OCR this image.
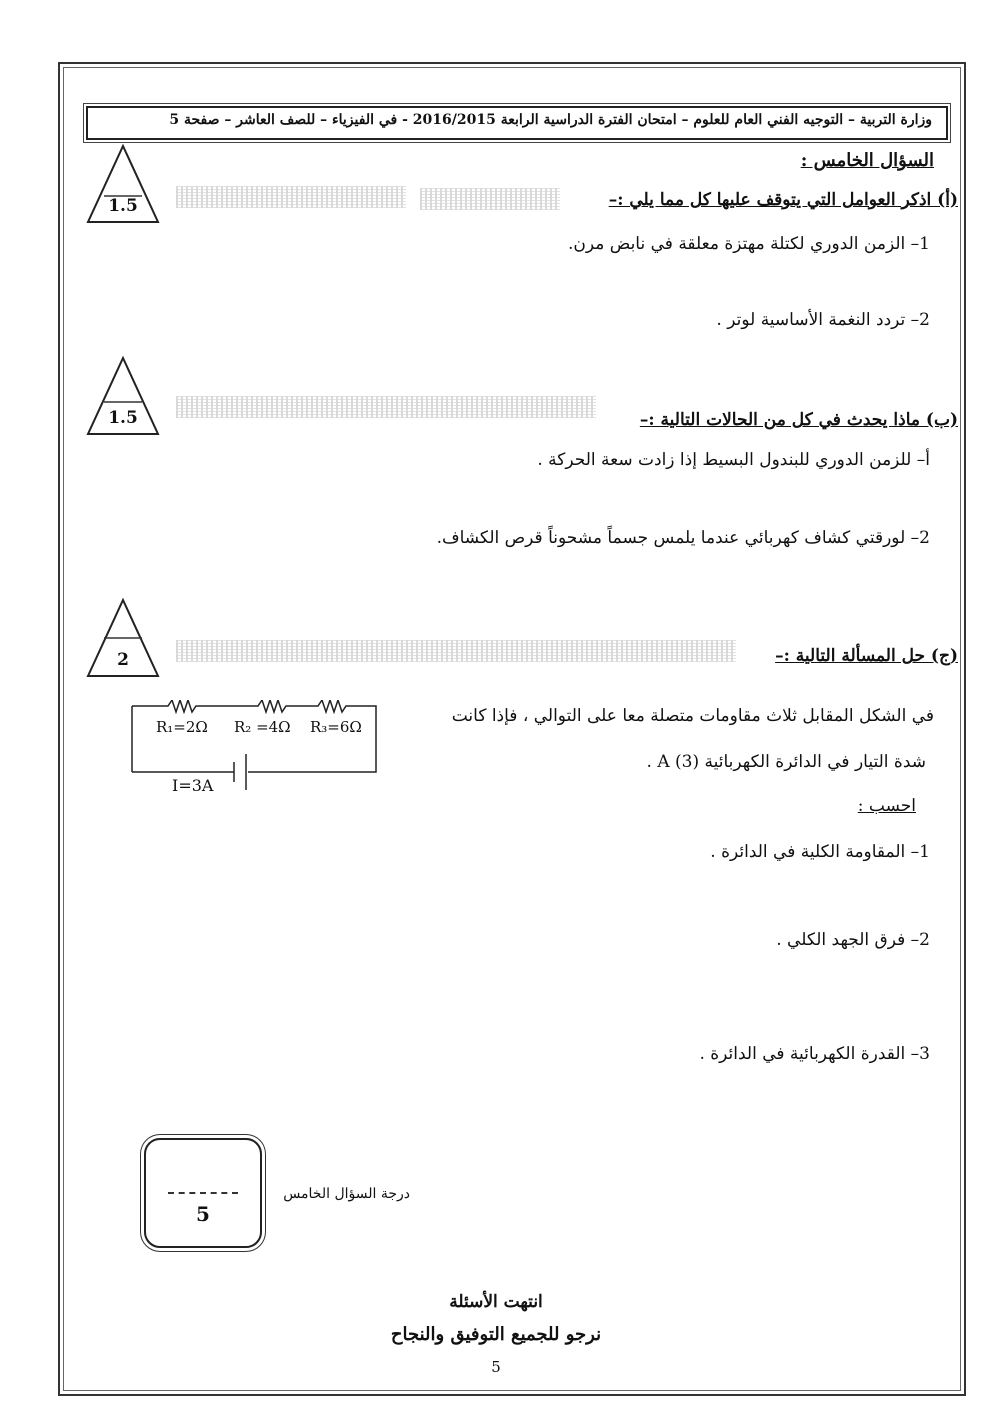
وزارة التربية – التوجيه الفني العام للعلوم – امتحان الفترة الدراسية الرابعة 2016/2015 - في الفيزياء – للصف العاشر – صفحة 5
السؤال الخامس :
1.5	(أ) اذكر العوامل التي يتوقف عليها كل مما يلي :–
1– الزمن الدوري لكتلة مهتزة معلقة في نابض مرن.
2– تردد النغمة الأساسية لوتر .
1.5	(ب) ماذا يحدث في كل من الحالات التالية :–
أ– للزمن الدوري للبندول البسيط إذا زادت سعة الحركة .
2– لورقتي كشاف كهربائي عندما يلمس جسماً مشحوناً قرص الكشاف.
2	(ج) حل المسألة التالية :–
في الشكل المقابل ثلاث مقاومات متصلة معا على التوالي ، فإذا كانت
شدة التيار في الدائرة الكهربائية A (3) .
احسب :
1– المقاومة الكلية في الدائرة .
2– فرق الجهد الكلي .
3– القدرة الكهربائية في الدائرة .
R₁=2Ω R₂ =4Ω R₃=6Ω
I=3A
5
درجة السؤال الخامس
انتهت الأسئلة
نرجو للجميع التوفيق والنجاح
5
